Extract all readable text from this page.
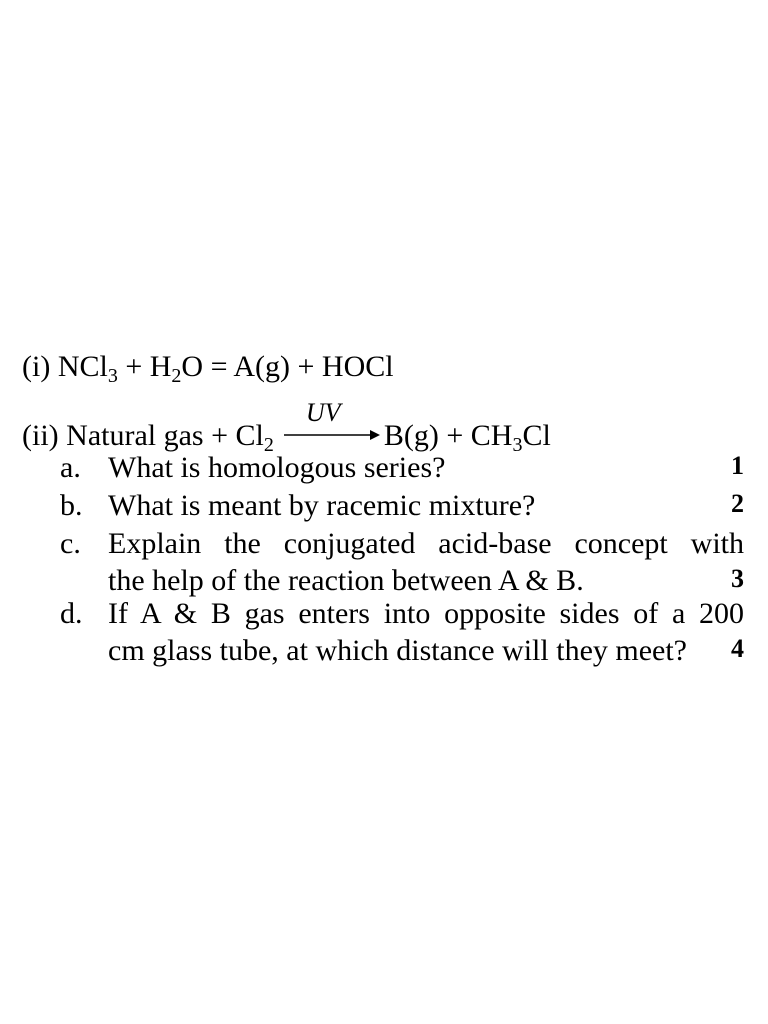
(i) $NCl_3 + H_2O = A(g)$ + HOCl
(ii) Natural gas + $Cl_2$
UV
$B(g) + CH_3Cl$
a. What is homologous series?	1
b. What is meant by racemic mixture?	2
c. Explain the conjugated acid-base concept with
the help of the reaction between A & B.	3
d. If A & B gas enters into opposite sides of a 200
cm glass tube, at which distance will they meet?	4
